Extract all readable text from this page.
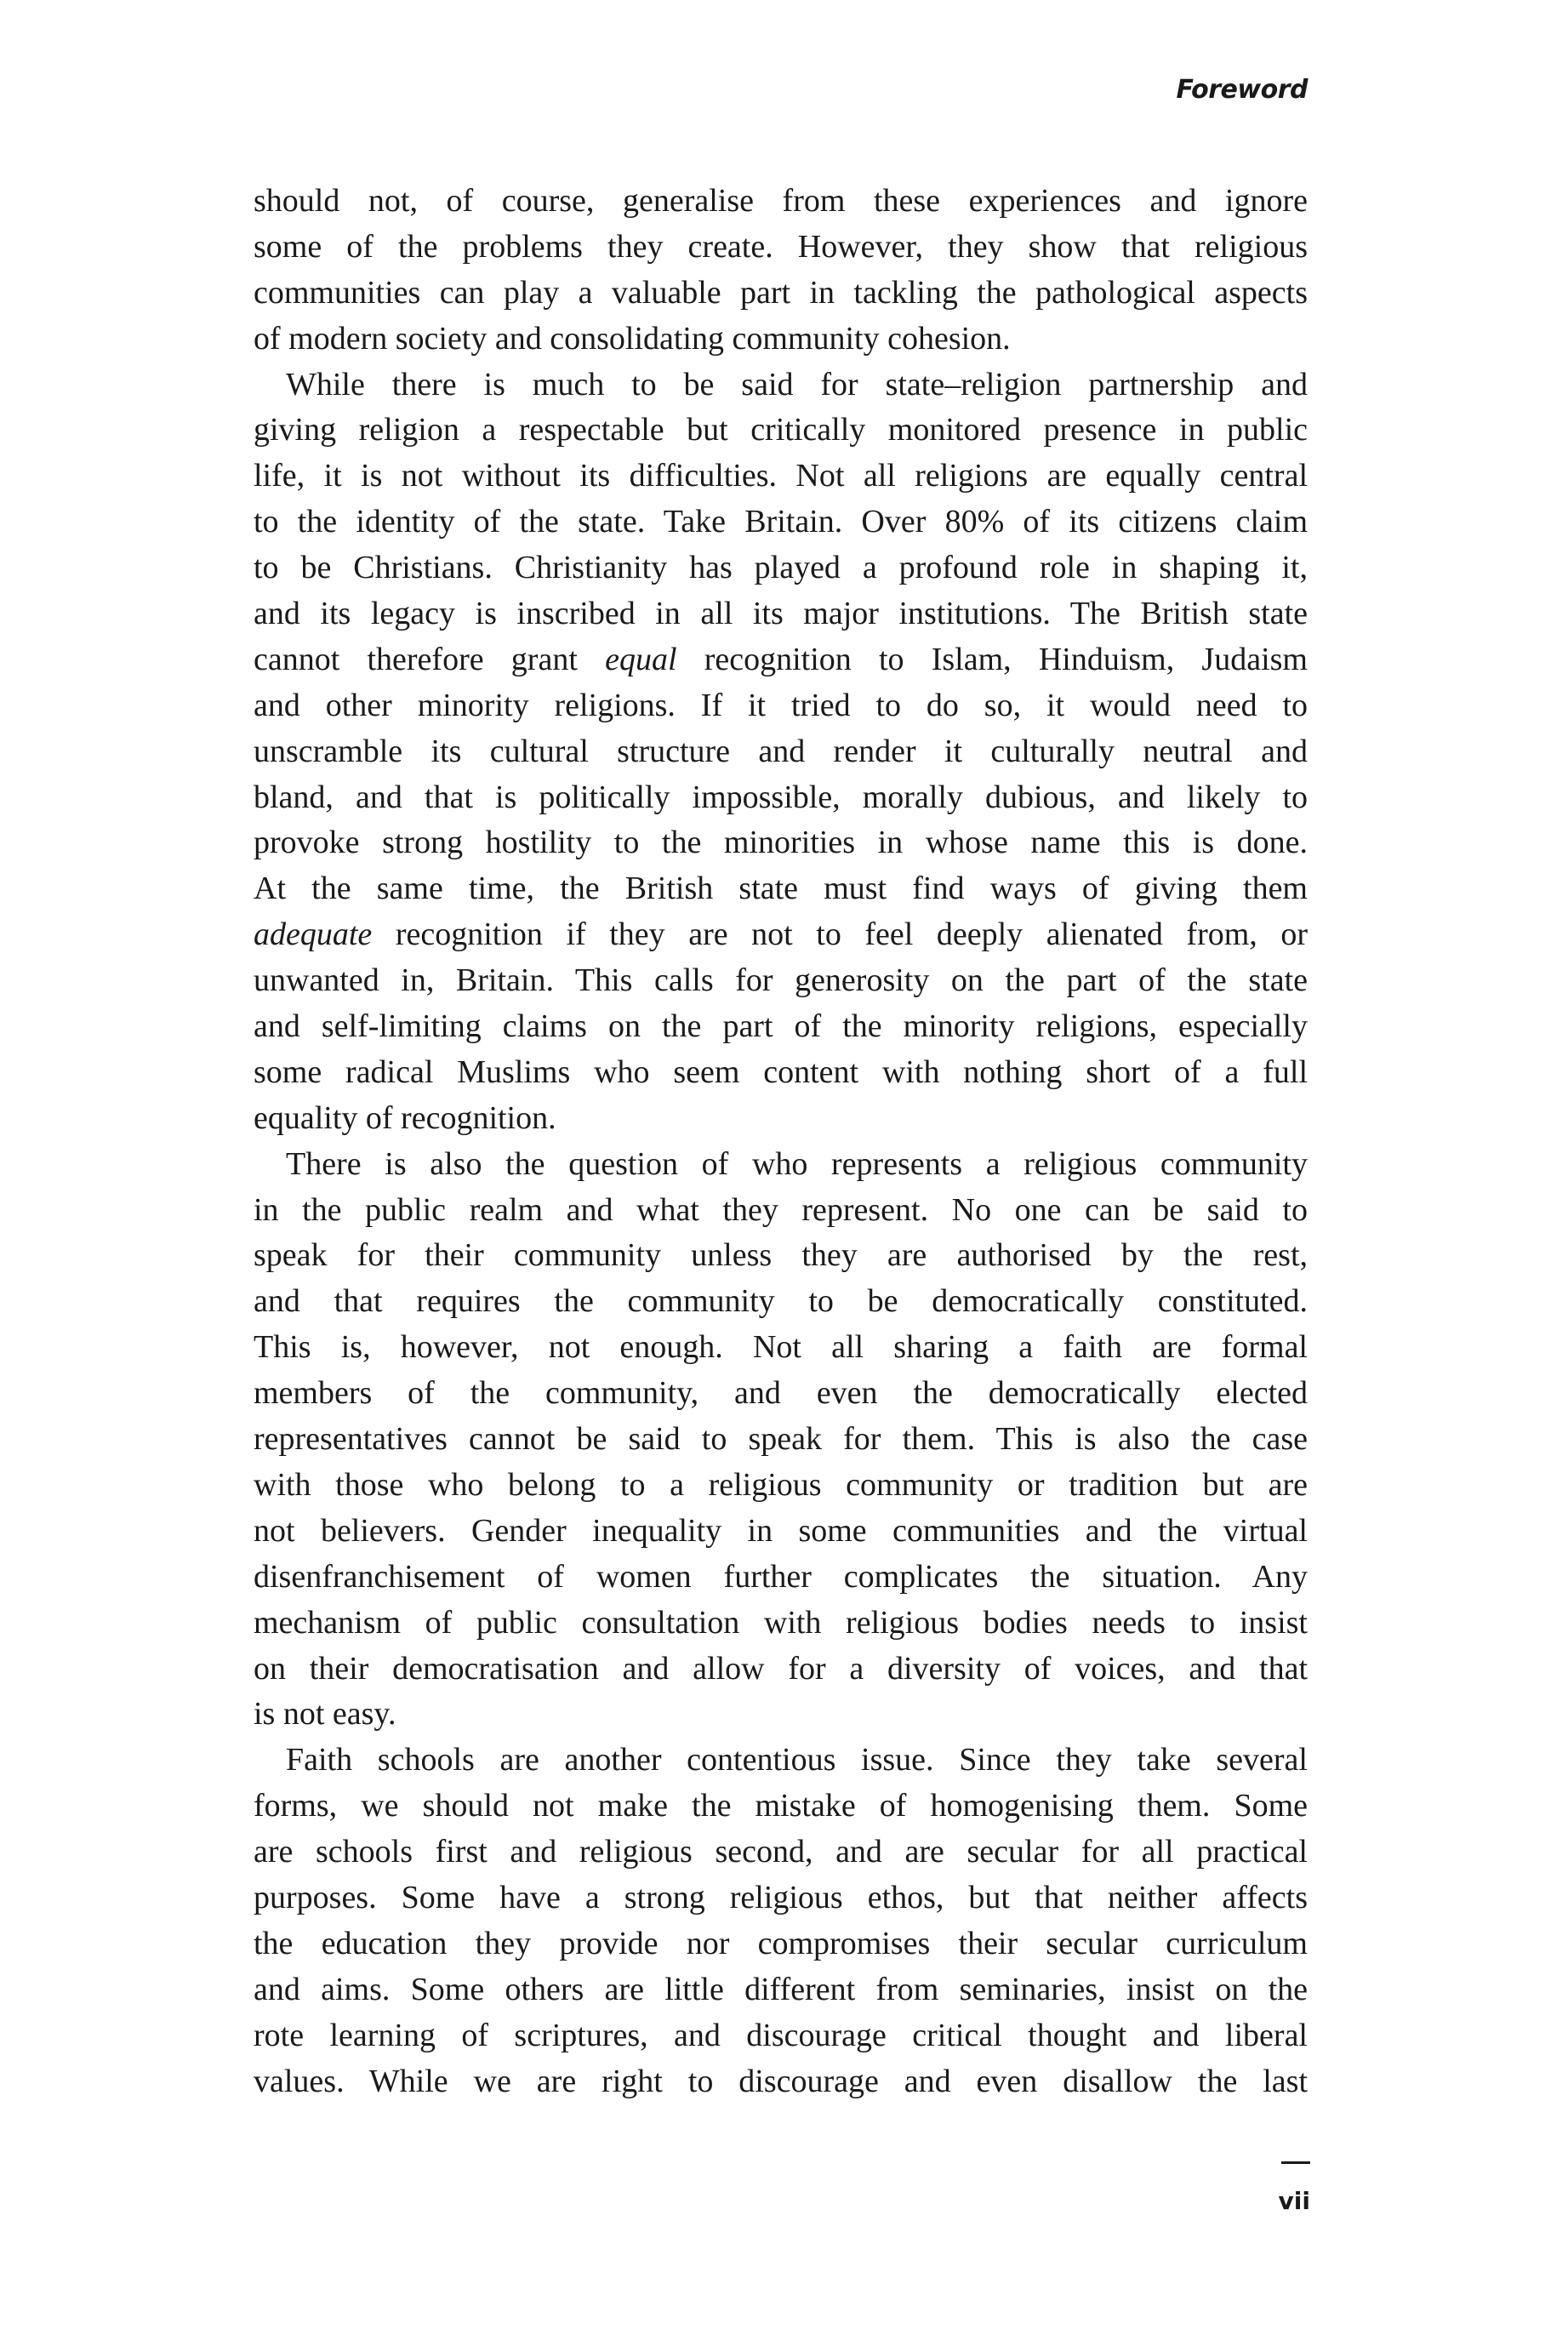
Foreword
should not, of course, generalise from these experiences and ignore
some of the problems they create. However, they show that religious
communities can play a valuable part in tackling the pathological aspects
of modern society and consolidating community cohesion.
While there is much to be said for state–religion partnership and
giving religion a respectable but critically monitored presence in public
life, it is not without its difficulties. Not all religions are equally central
to the identity of the state. Take Britain. Over 80% of its citizens claim
to be Christians. Christianity has played a profound role in shaping it,
and its legacy is inscribed in all its major institutions. The British state
cannot therefore grant equal recognition to Islam, Hinduism, Judaism
and other minority religions. If it tried to do so, it would need to
unscramble its cultural structure and render it culturally neutral and
bland, and that is politically impossible, morally dubious, and likely to
provoke strong hostility to the minorities in whose name this is done.
At the same time, the British state must find ways of giving them
adequate recognition if they are not to feel deeply alienated from, or
unwanted in, Britain. This calls for generosity on the part of the state
and self-limiting claims on the part of the minority religions, especially
some radical Muslims who seem content with nothing short of a full
equality of recognition.
There is also the question of who represents a religious community
in the public realm and what they represent. No one can be said to
speak for their community unless they are authorised by the rest,
and that requires the community to be democratically constituted.
This is, however, not enough. Not all sharing a faith are formal
members of the community, and even the democratically elected
representatives cannot be said to speak for them. This is also the case
with those who belong to a religious community or tradition but are
not believers. Gender inequality in some communities and the virtual
disenfranchisement of women further complicates the situation. Any
mechanism of public consultation with religious bodies needs to insist
on their democratisation and allow for a diversity of voices, and that
is not easy.
Faith schools are another contentious issue. Since they take several
forms, we should not make the mistake of homogenising them. Some
are schools first and religious second, and are secular for all practical
purposes. Some have a strong religious ethos, but that neither affects
the education they provide nor compromises their secular curriculum
and aims. Some others are little different from seminaries, insist on the
rote learning of scriptures, and discourage critical thought and liberal
values. While we are right to discourage and even disallow the last
vii
